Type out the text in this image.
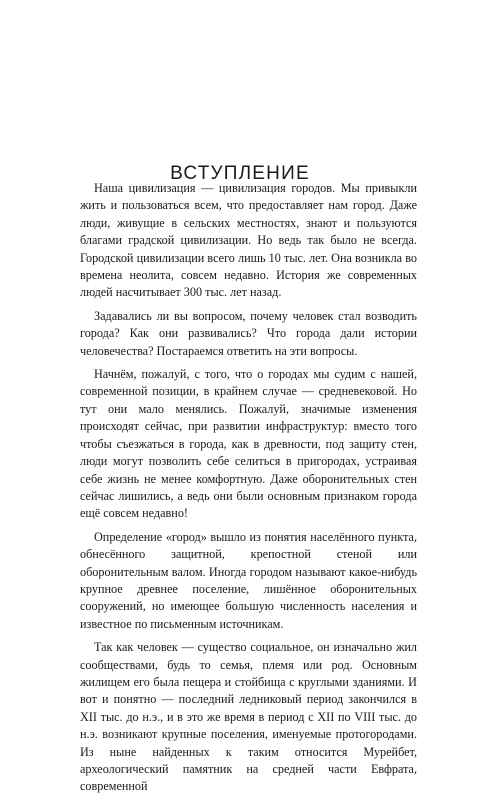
ВСТУПЛЕНИЕ

Наша цивилизация — цивилизация городов. Мы привыкли жить и пользоваться всем, что предоставляет нам город. Даже люди, живущие в сельских местностях, знают и пользуются благами градской цивилизации. Но ведь так было не всегда. Городской цивилизации всего лишь 10 тыс. лет. Она возникла во времена неолита, совсем недавно. История же современных людей насчитывает 300 тыс. лет назад.

Задавались ли вы вопросом, почему человек стал возводить города? Как они развивались? Что города дали истории человечества? Постараемся ответить на эти вопросы.

Начнём, пожалуй, с того, что о городах мы судим с нашей, современной позиции, в крайнем случае — средневековой. Но тут они мало менялись. Пожалуй, значимые изменения происходят сейчас, при развитии инфраструктур: вместо того чтобы съезжаться в города, как в древности, под защиту стен, люди могут позволить себе селиться в пригородах, устраивая себе жизнь не менее комфортную. Даже оборонительных стен сейчас лишились, а ведь они были основным признаком города ещё совсем недавно!

Определение «город» вышло из понятия населённого пункта, обнесённого защитной, крепостной стеной или оборонительным валом. Иногда городом называют какое-нибудь крупное древнее поселение, лишённое оборонительных сооружений, но имеющее большую численность населения и известное по письменным источникам.

Так как человек — существо социальное, он изначально жил сообществами, будь то семья, племя или род. Основным жилищем его была пещера и стойбища с круглыми зданиями. И вот и понятно — последний ледниковый период закончился в XII тыс. до н.э., и в это же время в период с XII по VIII тыс. до н.э. возникают крупные поселения, именуемые протогородами. Из ныне найденных к таким относится Мурейбет, археологический памятник на средней части Евфрата, современной
